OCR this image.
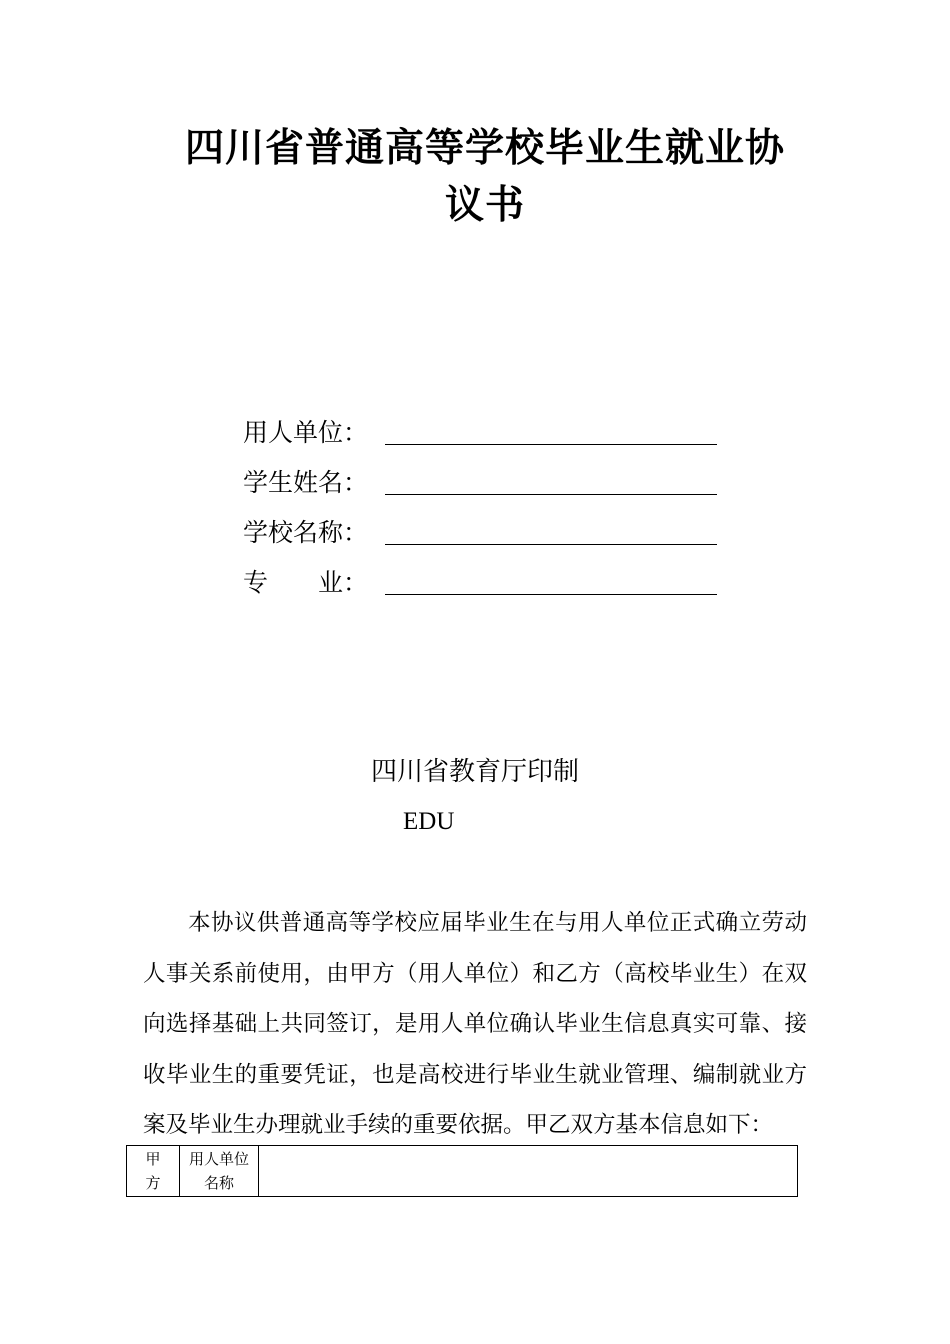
四川省普通高等学校毕业生就业协议书
用人单位：
学生姓名：
学校名称：
专　　业：
四川省教育厅印制
EDU

本协议供普通高等学校应届毕业生在与用人单位正式确立劳动人事关系前使用，由甲方（用人单位）和乙方（高校毕业生）在双向选择基础上共同签订，是用人单位确认毕业生信息真实可靠、接收毕业生的重要凭证，也是高校进行毕业生就业管理、编制就业方案及毕业生办理就业手续的重要依据。甲乙双方基本信息如下：

甲方	用人单位名称	
